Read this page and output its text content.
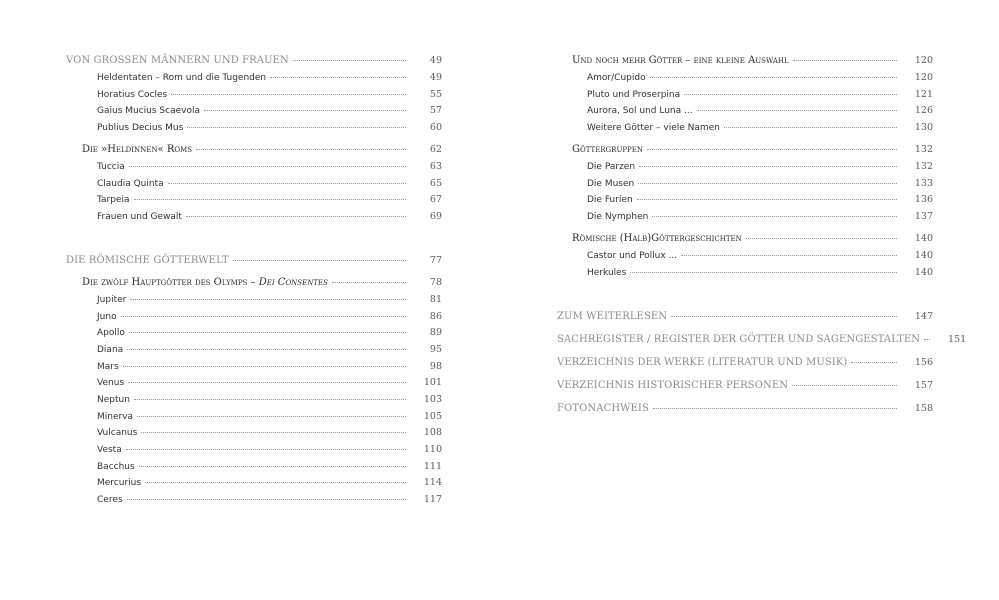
VON GROSSEN MÄNNERN UND FRAUEN	49
Heldentaten – Rom und die Tugenden	49
Horatius Cocles	55
Gaius Mucius Scaevola	57
Publius Decius Mus	60
Die »Heldinnen« Roms	62
Tuccia	63
Claudia Quinta	65
Tarpeia	67
Frauen und Gewalt	69
DIE RÖMISCHE GÖTTERWELT	77
Die zwölf Hauptgötter des Olymps – Dei Consentes	78
Jupiter	81
Juno	86
Apollo	89
Diana	95
Mars	98
Venus	101
Neptun	103
Minerva	105
Vulcanus	108
Vesta	110
Bacchus	111
Mercurius	114
Ceres	117
Und noch mehr Götter – eine kleine Auswahl	120
Amor/Cupido	120
Pluto und Proserpina	121
Aurora, Sol und Luna ...	126
Weitere Götter – viele Namen	130
Göttergruppen	132
Die Parzen	132
Die Musen	133
Die Furien	136
Die Nymphen	137
Römische (Halb)Göttergeschichten	140
Castor und Pollux ...	140
Herkules	140
ZUM WEITERLESEN	147
SACHREGISTER / REGISTER DER GÖTTER UND SAGENGESTALTEN	151
VERZEICHNIS DER WERKE (LITERATUR UND MUSIK)	156
VERZEICHNIS HISTORISCHER PERSONEN	157
FOTONACHWEIS	158
